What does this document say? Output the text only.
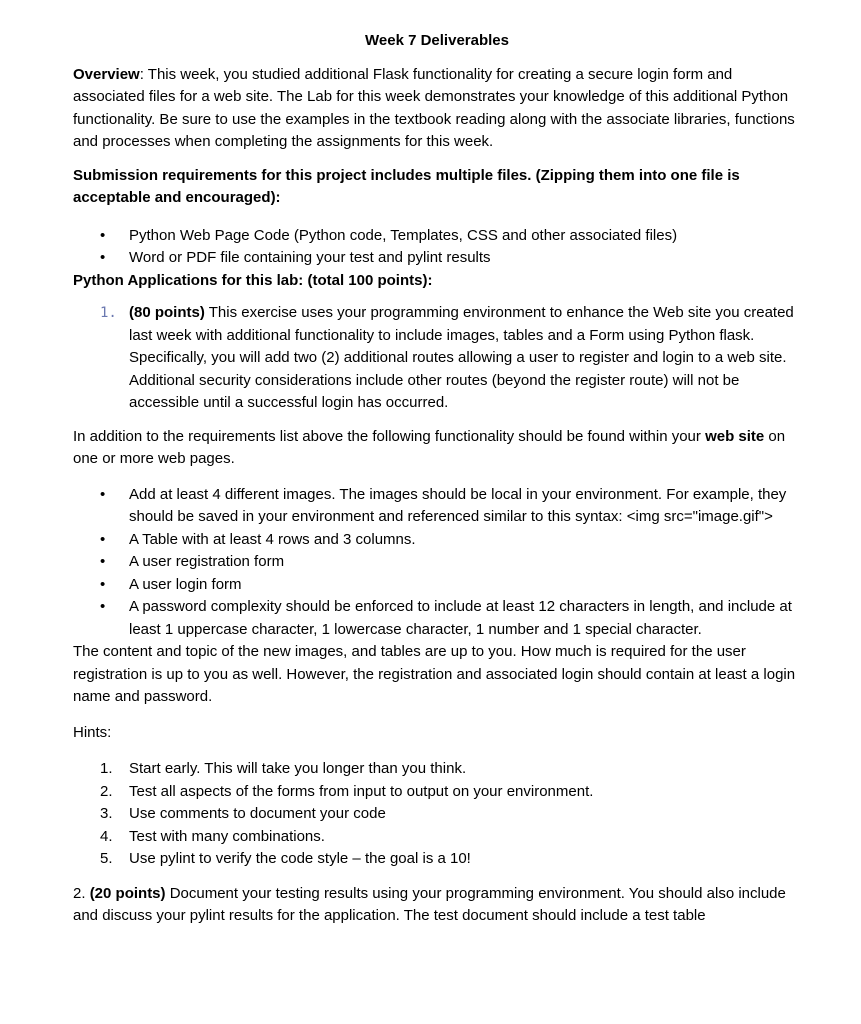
Week 7 Deliverables

Overview: This week, you studied additional Flask functionality for creating a secure login form and associated files for a web site. The Lab for this week demonstrates your knowledge of this additional Python functionality. Be sure to use the examples in the textbook reading along with the associate libraries, functions and processes when completing the assignments for this week.

Submission requirements for this project includes multiple files. (Zipping them into one file is acceptable and encouraged):

• Python Web Page Code (Python code, Templates, CSS and other associated files)
• Word or PDF file containing your test and pylint results

Python Applications for this lab: (total 100 points):

1. (80 points) This exercise uses your programming environment to enhance the Web site you created last week with additional functionality to include images, tables and a Form using Python flask. Specifically, you will add two (2) additional routes allowing a user to register and login to a web site. Additional security considerations include other routes (beyond the register route) will not be accessible until a successful login has occurred.

In addition to the requirements list above the following functionality should be found within your web site on one or more web pages.

• Add at least 4 different images. The images should be local in your environment. For example, they should be saved in your environment and referenced similar to this syntax: <img src="image.gif">
• A Table with at least 4 rows and 3 columns.
• A user registration form
• A user login form
• A password complexity should be enforced to include at least 12 characters in length, and include at least 1 uppercase character, 1 lowercase character, 1 number and 1 special character.

The content and topic of the new images, and tables are up to you. How much is required for the user registration is up to you as well. However, the registration and associated login should contain at least a login name and password.

Hints:

1. Start early. This will take you longer than you think.
2. Test all aspects of the forms from input to output on your environment.
3. Use comments to document your code
4. Test with many combinations.
5. Use pylint to verify the code style – the goal is a 10!

2. (20 points) Document your testing results using your programming environment. You should also include and discuss your pylint results for the application. The test document should include a test table
